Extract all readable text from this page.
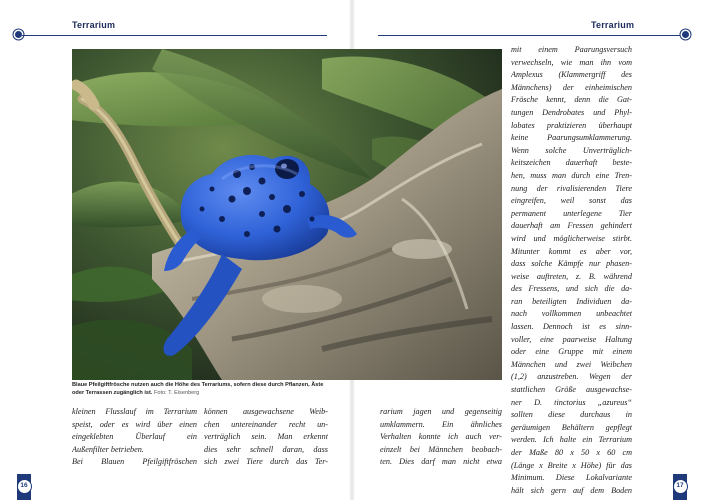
Terrarium	Terrarium
Blaue Pfeilgiftfrösche nutzen auch die Höhe des Terrariums, sofern diese durch Pflanzen, Äste
oder Terrassen zugänglich ist. Foto: T. Eisenberg
kleinen Flusslauf im Terrarium
speist, oder es wird über einen
eingeklebten Überlauf ein
Außenfilter betrieben.
Bei Blauen Pfeilgiftfröschen
können ausgewachsene Weib-
chen untereinander recht un-
verträglich sein. Man erkennt
dies sehr schnell daran, dass
sich zwei Tiere durch das Ter-
rarium jagen und gegenseitig
umklammern. Ein ähnliches
Verhalten konnte ich auch ver-
einzelt bei Männchen beobach-
ten. Dies darf man nicht etwa
mit einem Paarungsversuch
verwechseln, wie man ihn vom
Amplexus (Klammergriff des
Männchens) der einheimischen
Frösche kennt, denn die Gat-
tungen Dendrobates und Phyl-
lobates praktizieren überhaupt
keine Paarungsumklammerung.
Wenn solche Unverträglich-
keitszeichen dauerhaft beste-
hen, muss man durch eine Tren-
nung der rivalisierenden Tiere
eingreifen, weil sonst das
permanent unterlegene Tier
dauerhaft am Fressen gehindert
wird und möglicherweise stirbt.
Mitunter kommt es aber vor,
dass solche Kämpfe nur phasen-
weise auftreten, z. B. während
des Fressens, und sich die da-
ran beteiligten Individuen da-
nach vollkommen unbeachtet
lassen. Dennoch ist es sinn-
voller, eine paarweise Haltung
oder eine Gruppe mit einem
Männchen und zwei Weibchen
(1,2) anzustreben. Wegen der
stattlichen Größe ausgewachse-
ner D. tinctorius „azureus“
sollten diese durchaus in
geräumigen Behältern gepflegt
werden. Ich halte ein Terrarium
der Maße 80 x 50 x 60 cm
(Länge x Breite x Höhe) für das
Minimum. Diese Lokalvariante
hält sich gern auf dem Boden
16	17
